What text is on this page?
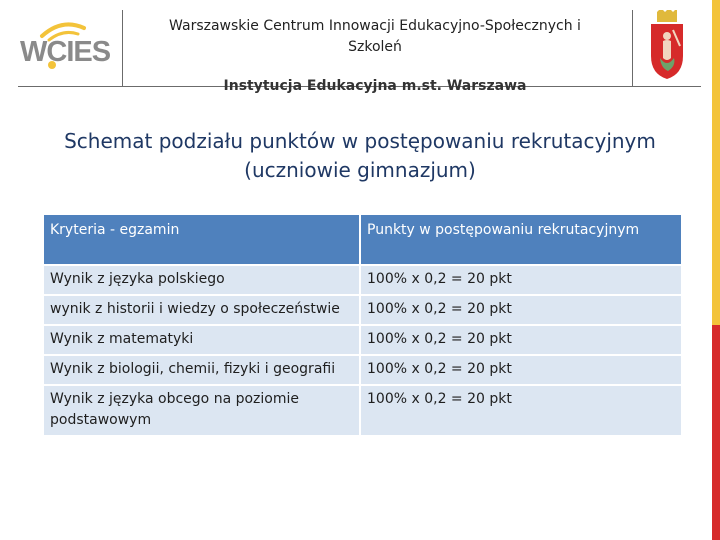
WCIES
Warszawskie Centrum Innowacji Edukacyjno-Społecznych i Szkoleń
Instytucja Edukacyjna m.st. Warszawa
Schemat podziału punktów w postępowaniu rekrutacyjnym
(uczniowie gimnazjum)
Kryteria - egzamin	Punkty w postępowaniu rekrutacyjnym
Wynik z języka polskiego	100% x 0,2 = 20 pkt
wynik z historii i wiedzy o społeczeństwie	100% x 0,2 = 20 pkt
Wynik z matematyki	100% x 0,2 = 20 pkt
Wynik z biologii, chemii, fizyki i geografii	100% x 0,2 = 20 pkt
Wynik z języka obcego na poziomie podstawowym	100% x 0,2 = 20 pkt
